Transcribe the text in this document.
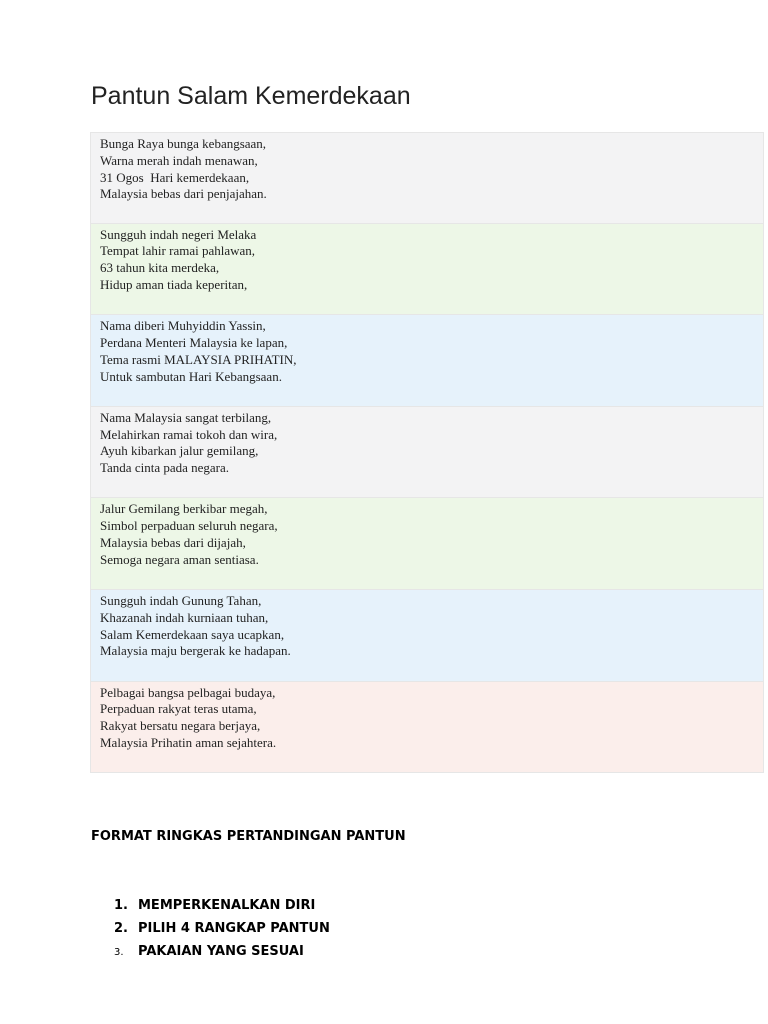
Pantun Salam Kemerdekaan
Bunga Raya bunga kebangsaan,
Warna merah indah menawan,
31 Ogos  Hari kemerdekaan,
Malaysia bebas dari penjajahan.
Sungguh indah negeri Melaka
Tempat lahir ramai pahlawan,
63 tahun kita merdeka,
Hidup aman tiada keperitan,
Nama diberi Muhyiddin Yassin,
Perdana Menteri Malaysia ke lapan,
Tema rasmi MALAYSIA PRIHATIN,
Untuk sambutan Hari Kebangsaan.
Nama Malaysia sangat terbilang,
Melahirkan ramai tokoh dan wira,
Ayuh kibarkan jalur gemilang,
Tanda cinta pada negara.
Jalur Gemilang berkibar megah,
Simbol perpaduan seluruh negara,
Malaysia bebas dari dijajah,
Semoga negara aman sentiasa.
Sungguh indah Gunung Tahan,
Khazanah indah kurniaan tuhan,
Salam Kemerdekaan saya ucapkan,
Malaysia maju bergerak ke hadapan.
Pelbagai bangsa pelbagai budaya,
Perpaduan rakyat teras utama,
Rakyat bersatu negara berjaya,
Malaysia Prihatin aman sejahtera.
FORMAT RINGKAS PERTANDINGAN PANTUN
1. MEMPERKENALKAN DIRI
2. PILIH 4 RANGKAP PANTUN
3. PAKAIAN YANG SESUAI
